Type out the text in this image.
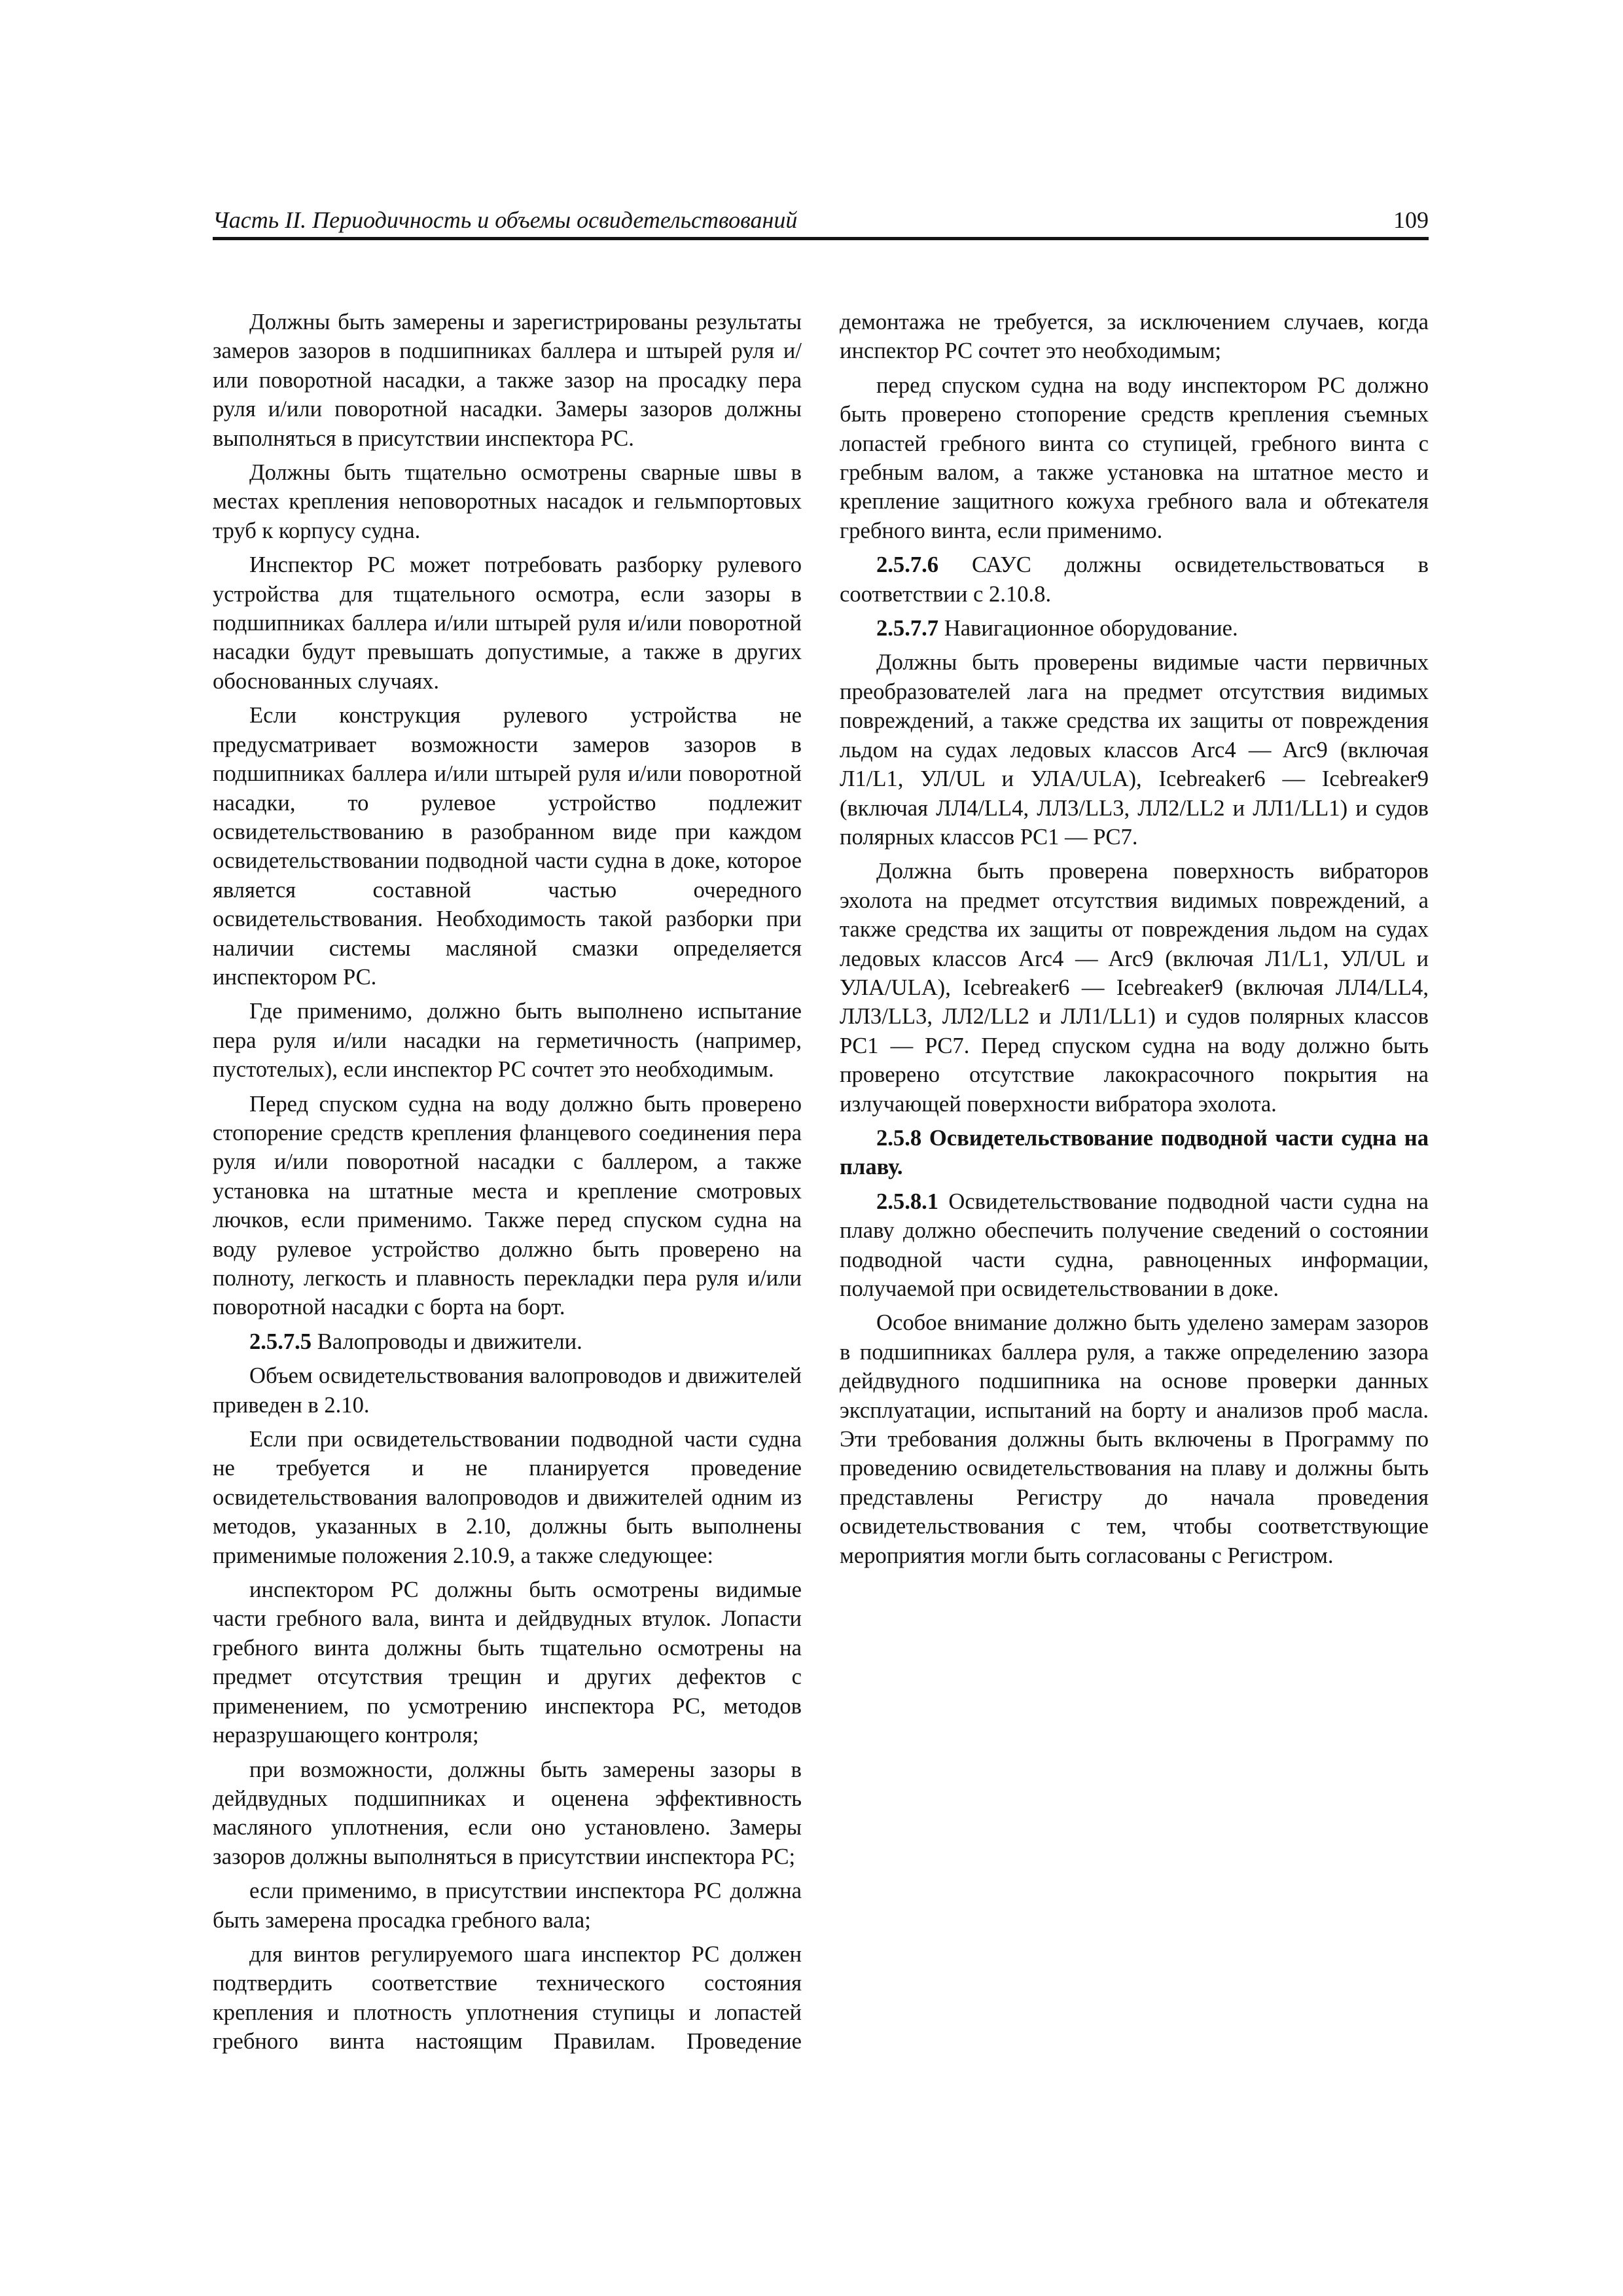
Часть II. Периодичность и объемы освидетельствований	109

Должны быть замерены и зарегистрированы результаты замеров зазоров в подшипниках баллера и штырей руля и/или поворотной насадки, а также зазор на просадку пера руля и/или поворотной насадки. Замеры зазоров должны выполняться в присутствии инспектора РС.

Должны быть тщательно осмотрены сварные швы в местах крепления неповоротных насадок и гельмпортовых труб к корпусу судна.

Инспектор РС может потребовать разборку рулевого устройства для тщательного осмотра, если зазоры в подшипниках баллера и/или штырей руля и/или поворотной насадки будут превышать допустимые, а также в других обоснованных случаях.

Если конструкция рулевого устройства не предусматривает возможности замеров зазоров в подшипниках баллера и/или штырей руля и/или поворотной насадки, то рулевое устройство подлежит освидетельствованию в разобранном виде при каждом освидетельствовании подводной части судна в доке, которое является составной частью очередного освидетельствования. Необходимость такой разборки при наличии системы масляной смазки определяется инспектором РС.

Где применимо, должно быть выполнено испытание пера руля и/или насадки на герметичность (например, пустотелых), если инспектор РС сочтет это необходимым.

Перед спуском судна на воду должно быть проверено стопорение средств крепления фланцевого соединения пера руля и/или поворотной насадки с баллером, а также установка на штатные места и крепление смотровых лючков, если применимо. Также перед спуском судна на воду рулевое устройство должно быть проверено на полноту, легкость и плавность перекладки пера руля и/или поворотной насадки с борта на борт.

2.5.7.5 Валопроводы и движители.

Объем освидетельствования валопроводов и движителей приведен в 2.10.

Если при освидетельствовании подводной части судна не требуется и не планируется проведение освидетельствования валопроводов и движителей одним из методов, указанных в 2.10, должны быть выполнены применимые положения 2.10.9, а также следующее:

инспектором РС должны быть осмотрены видимые части гребного вала, винта и дейдвудных втулок. Лопасти гребного винта должны быть тщательно осмотрены на предмет отсутствия трещин и других дефектов с применением, по усмотрению инспектора РС, методов неразрушающего контроля;

при возможности, должны быть замерены зазоры в дейдвудных подшипниках и оценена эффективность масляного уплотнения, если оно установлено. Замеры зазоров должны выполняться в присутствии инспектора РС;

если применимо, в присутствии инспектора РС должна быть замерена просадка гребного вала;

для винтов регулируемого шага инспектор РС должен подтвердить соответствие технического состояния крепления и плотность уплотнения ступицы и лопастей гребного винта настоящим Правилам. Проведение демонтажа не требуется, за исключением случаев, когда инспектор РС сочтет это необходимым;

перед спуском судна на воду инспектором РС должно быть проверено стопорение средств крепления съемных лопастей гребного винта со ступицей, гребного винта с гребным валом, а также установка на штатное место и крепление защитного кожуха гребного вала и обтекателя гребного винта, если применимо.

2.5.7.6 САУС должны освидетельствоваться в соответствии с 2.10.8.

2.5.7.7 Навигационное оборудование.

Должны быть проверены видимые части первичных преобразователей лага на предмет отсутствия видимых повреждений, а также средства их защиты от повреждения льдом на судах ледовых классов Arc4 — Arc9 (включая Л1/L1, УЛ/UL и УЛА/ULA), Icebreaker6 — Icebreaker9 (включая ЛЛ4/LL4, ЛЛ3/LL3, ЛЛ2/LL2 и ЛЛ1/LL1) и судов полярных классов PC1 — PC7.

Должна быть проверена поверхность вибраторов эхолота на предмет отсутствия видимых повреждений, а также средства их защиты от повреждения льдом на судах ледовых классов Arc4 — Arc9 (включая Л1/L1, УЛ/UL и УЛА/ULA), Icebreaker6 — Icebreaker9 (включая ЛЛ4/LL4, ЛЛ3/LL3, ЛЛ2/LL2 и ЛЛ1/LL1) и судов полярных классов PC1 — PC7. Перед спуском судна на воду должно быть проверено отсутствие лакокрасочного покрытия на излучающей поверхности вибратора эхолота.

2.5.8 Освидетельствование подводной части судна на плаву.

2.5.8.1 Освидетельствование подводной части судна на плаву должно обеспечить получение сведений о состоянии подводной части судна, равноценных информации, получаемой при освидетельствовании в доке.

Особое внимание должно быть уделено замерам зазоров в подшипниках баллера руля, а также определению зазора дейдвудного подшипника на основе проверки данных эксплуатации, испытаний на борту и анализов проб масла. Эти требования должны быть включены в Программу по проведению освидетельствования на плаву и должны быть представлены Регистру до начала проведения освидетельствования с тем, чтобы соответствующие мероприятия могли быть согласованы с Регистром.
